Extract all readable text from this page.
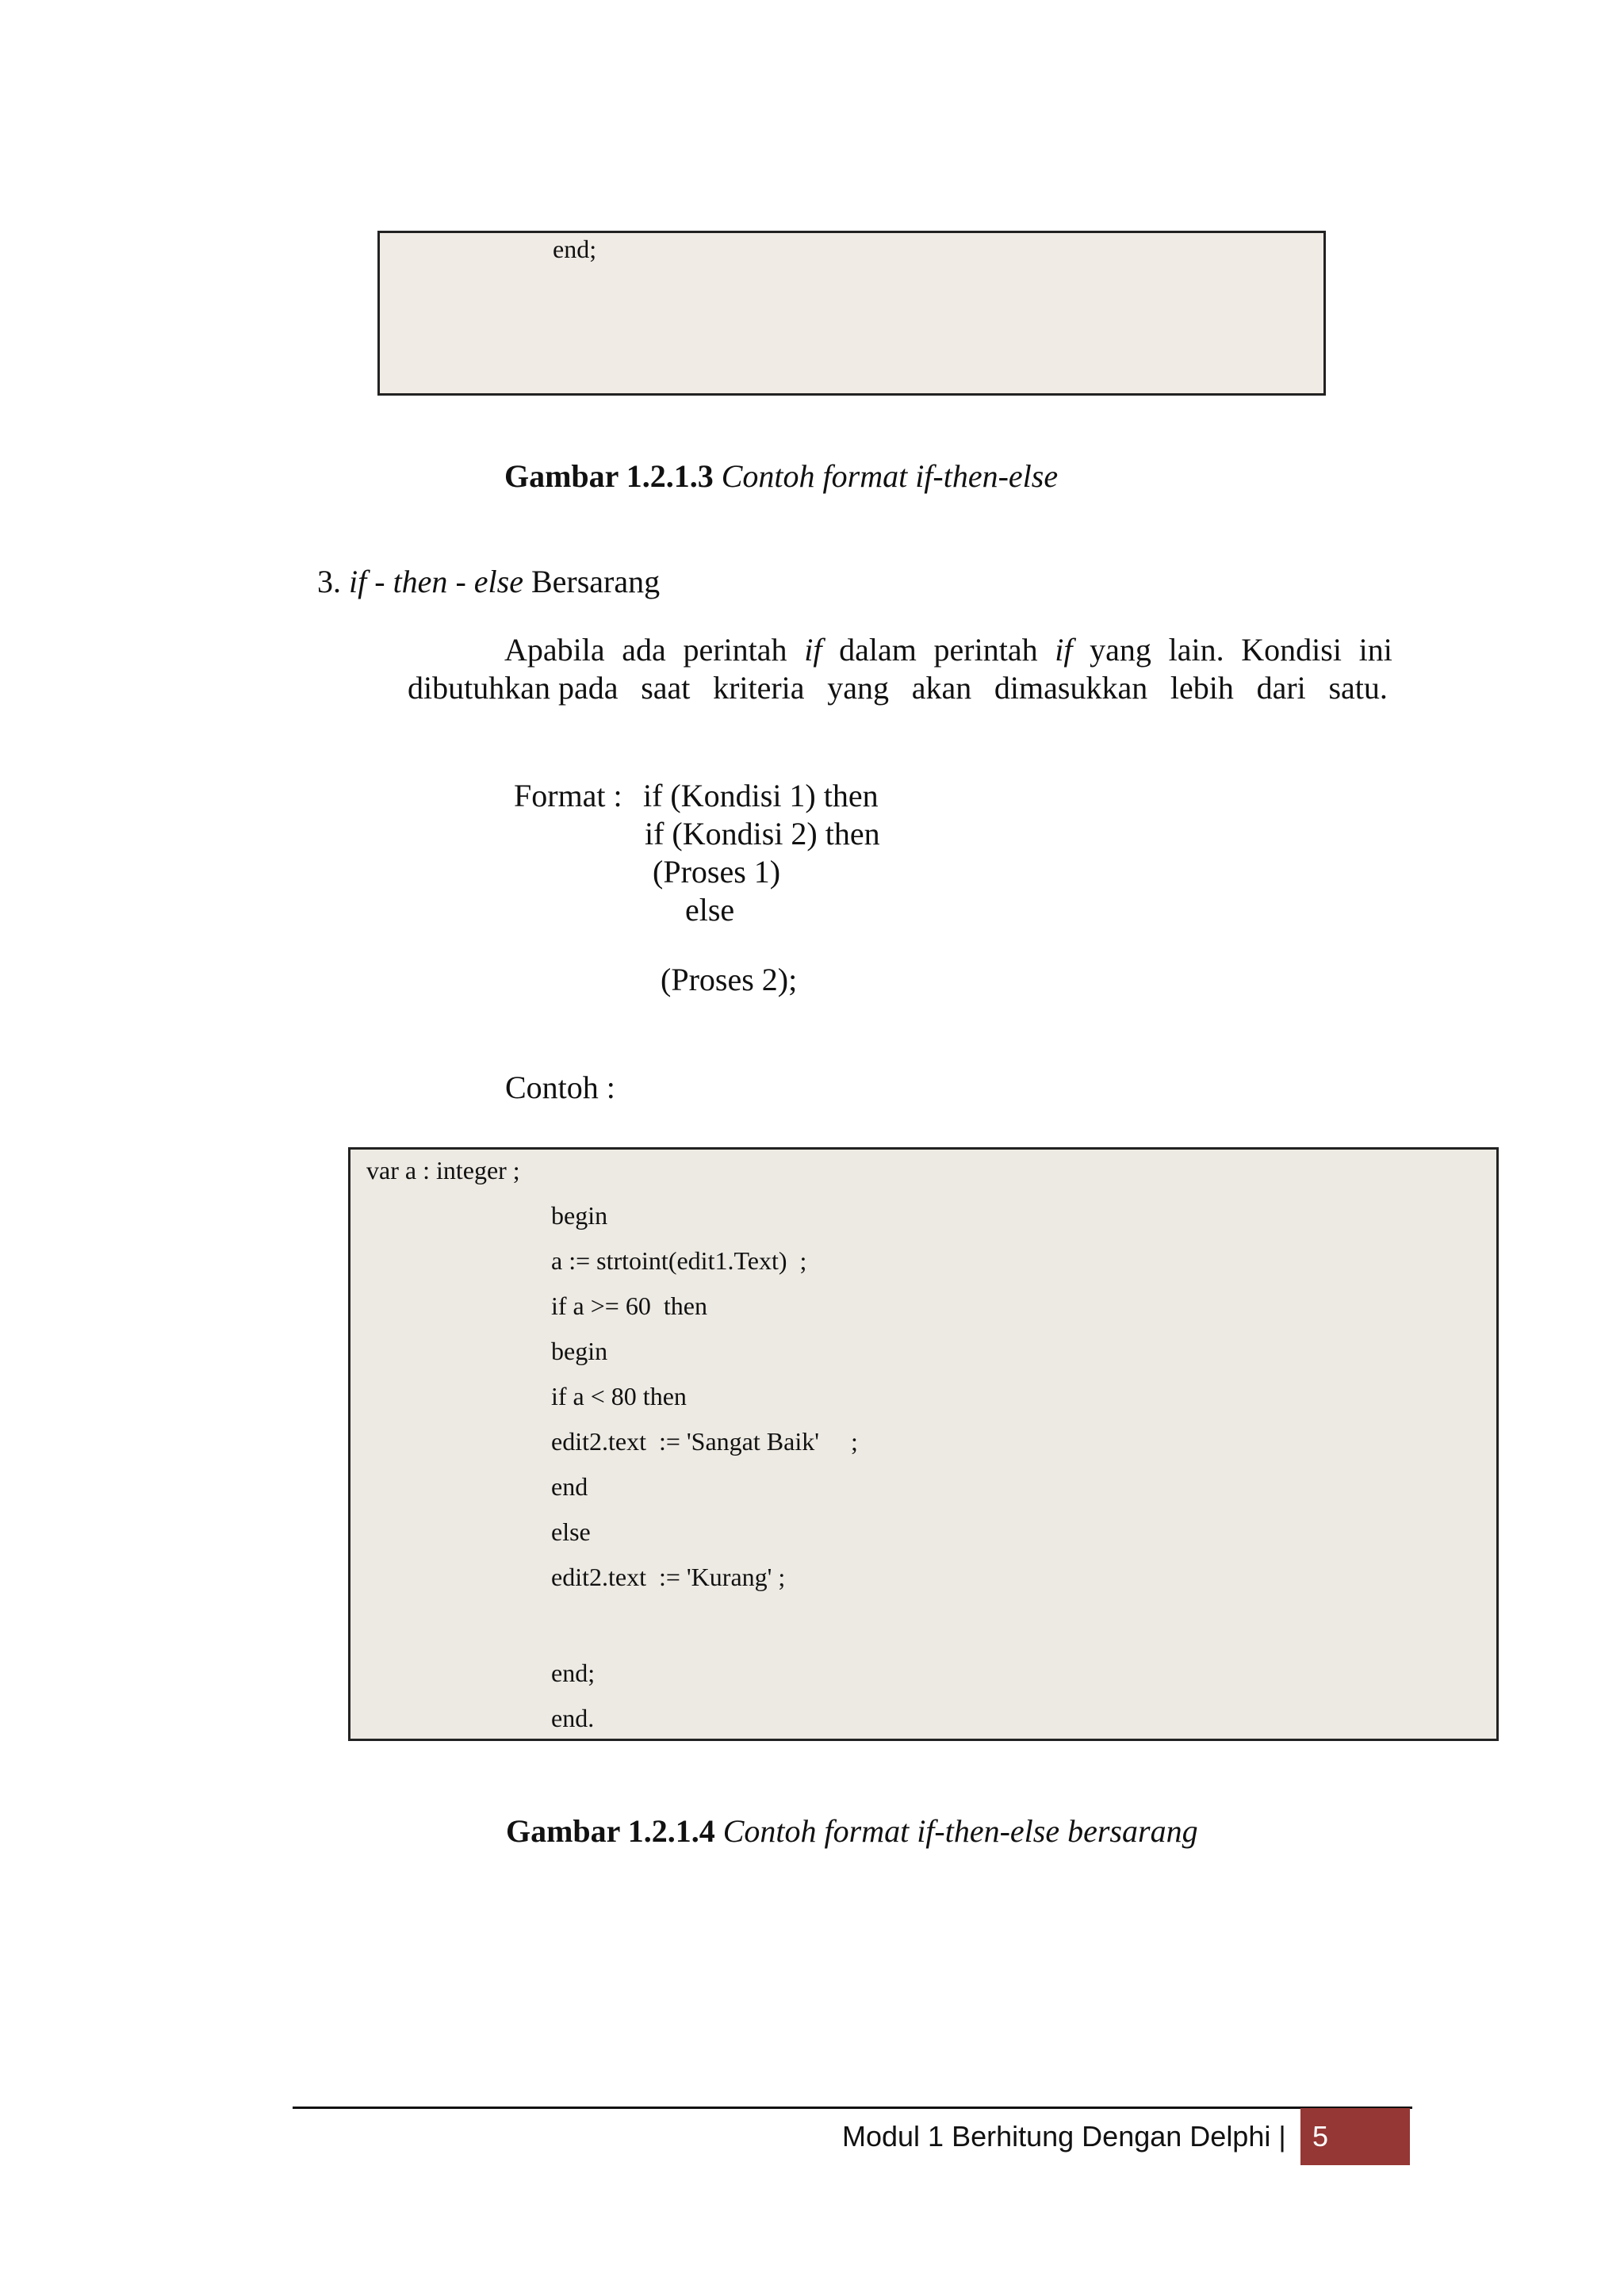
end;
Gambar 1.2.1.3 Contoh format if-then-else
3. if - then - else Bersarang
Apabila ada perintah if dalam perintah if yang lain. Kondisi ini
dibutuhkan pada saat kriteria yang akan dimasukkan lebih dari satu.
Format : if (Kondisi 1) then
if (Kondisi 2) then
(Proses 1)
else
(Proses 2);
Contoh :
var a : integer ;
begin
a := strtoint(edit1.Text)  ;
if a >= 60  then
begin
if a < 80 then
edit2.text  := 'Sangat Baik'     ;
end
else
edit2.text  := 'Kurang' ;
end;
end.
Gambar 1.2.1.4 Contoh format if-then-else bersarang
Modul 1 Berhitung Dengan Delphi | 5
